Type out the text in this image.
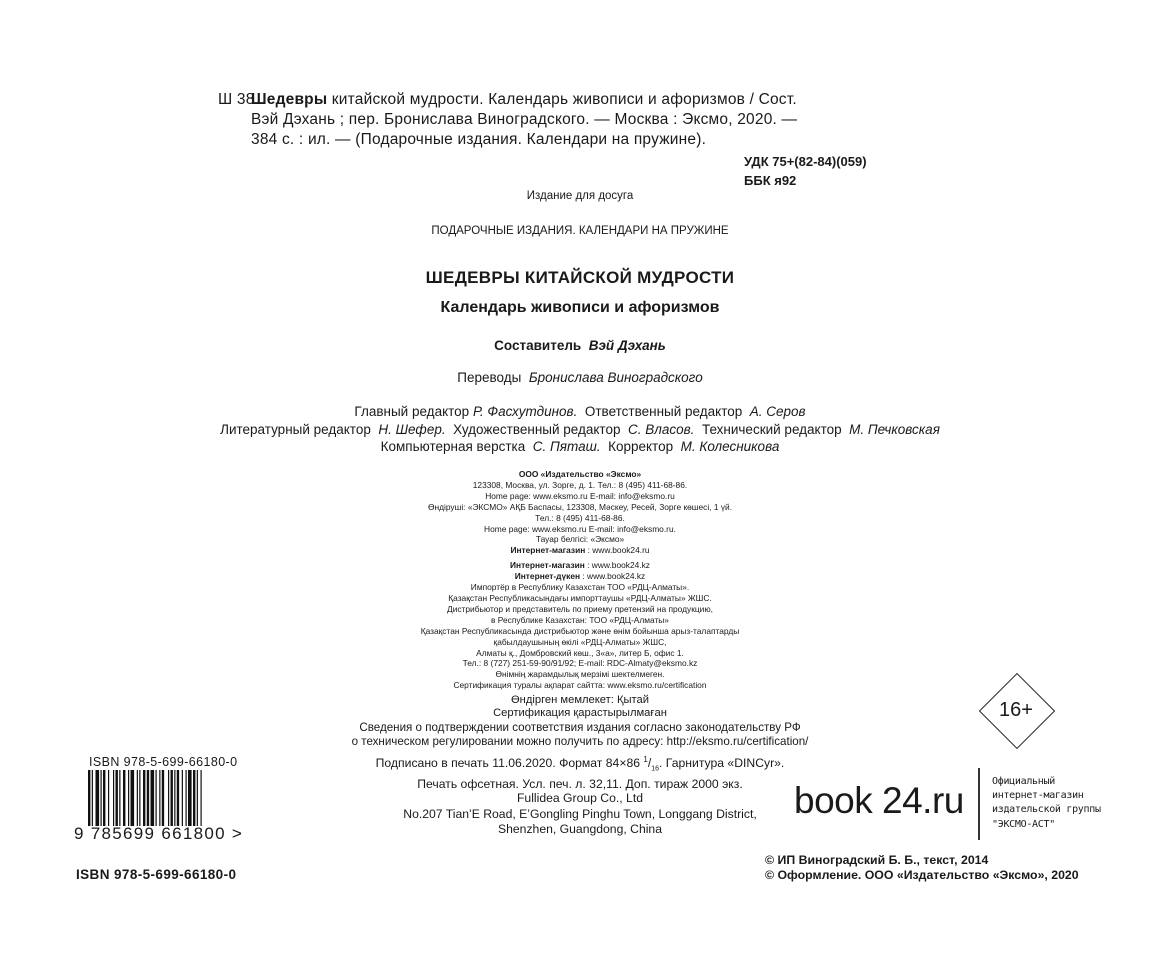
Ш 38
Шедевры китайской мудрости. Календарь живописи и афоризмов / Сост.
Вэй Дэхань ; пер. Бронислава Виноградского. — Москва : Эксмо, 2020. —
384 с. : ил. — (Подарочные издания. Календари на пружине).
УДК 75+(82-84)(059)
ББК я92
Издание для досуга
ПОДАРОЧНЫЕ ИЗДАНИЯ. КАЛЕНДАРИ НА ПРУЖИНЕ
ШЕДЕВРЫ КИТАЙСКОЙ МУДРОСТИ
Календарь живописи и афоризмов
Составитель Вэй Дэхань
Переводы Бронислава Виноградского
Главный редактор Р. Фасхутдинов. Ответственный редактор А. Серов
Литературный редактор Н. Шефер. Художественный редактор С. Власов. Технический редактор М. Печковская
Компьютерная верстка С. Пяташ. Корректор М. Колесникова
ООО «Издательство «Эксмо»
123308, Москва, ул. Зорге, д. 1. Тел.: 8 (495) 411-68-86.
Home page: www.eksmo.ru E-mail: info@eksmo.ru
Өндіруші: «ЭКСМО» АҚБ Баспасы, 123308, Мәскеу, Ресей, Зорге көшесі, 1 үй.
Тел.: 8 (495) 411-68-86.
Home page: www.eksmo.ru E-mail: info@eksmo.ru.
Тауар белгісі: «Эксмо»
Интернет-магазин : www.book24.ru
Интернет-магазин : www.book24.kz
Интернет-дүкен : www.book24.kz
Импортёр в Республику Казахстан ТОО «РДЦ-Алматы».
Қазақстан Республикасындағы импорттаушы «РДЦ-Алматы» ЖШС.
Дистрибьютор и представитель по приему претензий на продукцию,
в Республике Казахстан: ТОО «РДЦ-Алматы»
Қазақстан Республикасында дистрибьютор және өнім бойынша арыз-талаптарды
қабылдаушының өкілі «РДЦ-Алматы» ЖШС,
Алматы қ., Домбровский көш., 3«а», литер Б, офис 1.
Тел.: 8 (727) 251-59-90/91/92; E-mail: RDC-Almaty@eksmo.kz
Өнімнің жарамдылық мерзімі шектелмеген.
Сертификация туралы ақпарат сайтта: www.eksmo.ru/certification
Өндірген мемлекет: Қытай
Сертификация қарастырылмаған
Сведения о подтверждении соответствия издания согласно законодательству РФ
о техническом регулировании можно получить по адресу: http://eksmo.ru/certification/
Подписано в печать 11.06.2020. Формат 84×86 $^1/_{16}$. Гарнитура «DINCyr».
Печать офсетная. Усл. печ. л. 32,11. Доп. тираж 2000 экз.
Fullidea Group Co., Ltd
No.207 Tian’E Road, E’Gongling Pinghu Town, Longgang District,
Shenzhen, Guangdong, China
16+
ISBN 978-5-699-66180-0
9 785699 661800 >
ISBN 978-5-699-66180-0
book 24.ru	Официальный
интернет-магазин
издательской группы
"ЭКСМО-АСТ"
© ИП Виноградский Б. Б., текст, 2014
© Оформление. ООО «Издательство «Эксмо», 2020
